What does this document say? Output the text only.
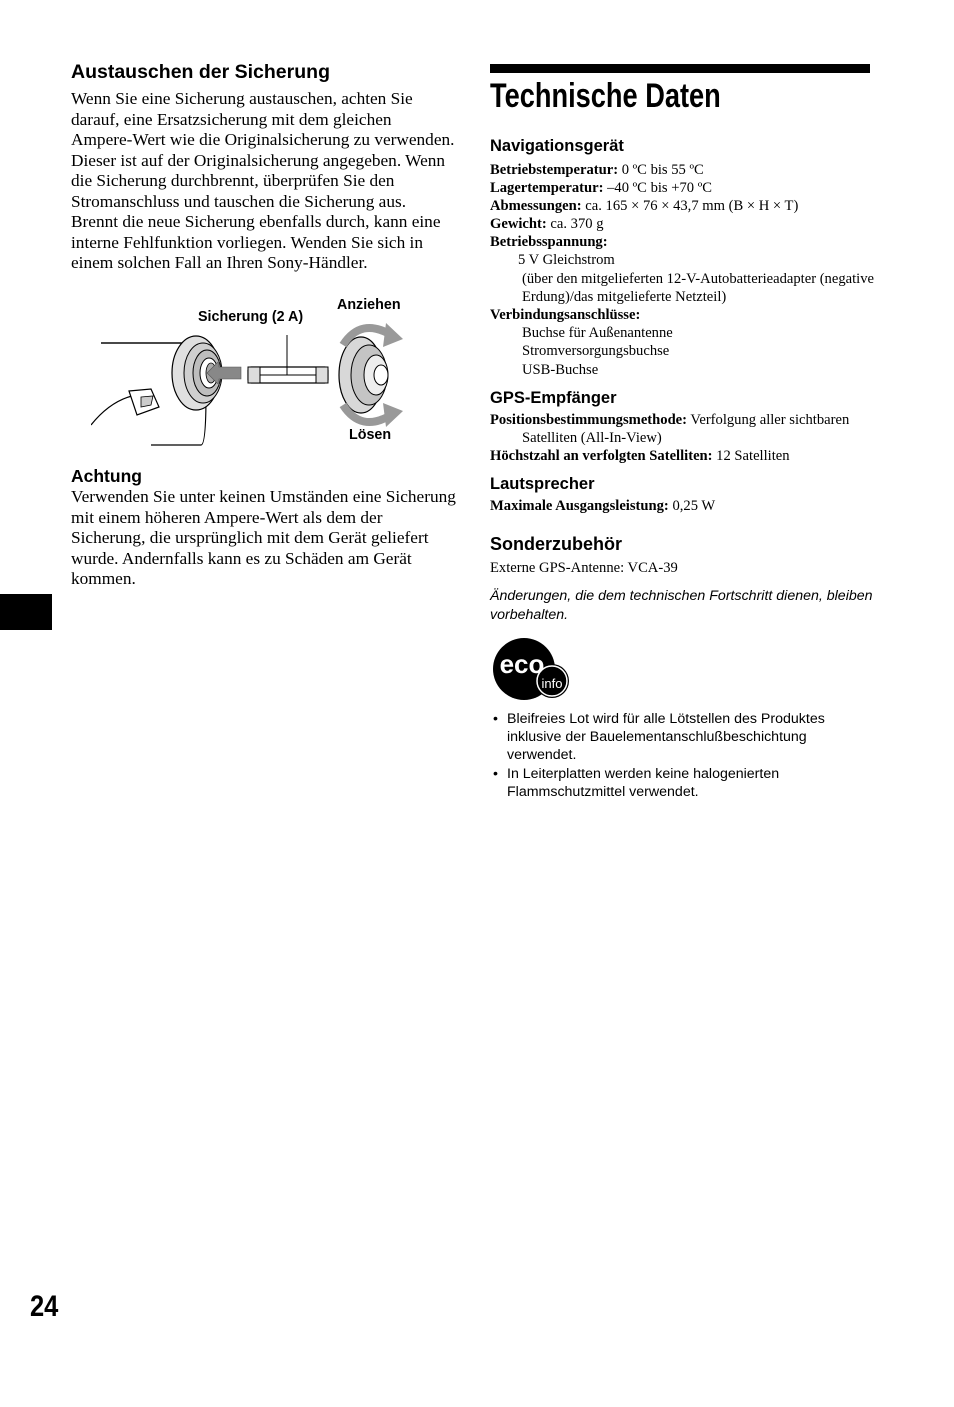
Austauschen der Sicherung

Wenn Sie eine Sicherung austauschen, achten Sie darauf, eine Ersatzsicherung mit dem gleichen Ampere-Wert wie die Originalsicherung zu verwenden. Dieser ist auf der Originalsicherung angegeben. Wenn die Sicherung durchbrennt, überprüfen Sie den Stromanschluss und tauschen die Sicherung aus. Brennt die neue Sicherung ebenfalls durch, kann eine interne Fehlfunktion vorliegen. Wenden Sie sich in einem solchen Fall an Ihren Sony-Händler.

Sicherung (2 A)
Anziehen
Lösen
Achtung

Verwenden Sie unter keinen Umständen eine Sicherung mit einem höheren Ampere-Wert als dem der Sicherung, die ursprünglich mit dem Gerät geliefert wurde. Andernfalls kann es zu Schäden am Gerät kommen.

24
Technische Daten
Navigationsgerät

Betriebstemperatur: 0 ºC bis 55 ºC

Lagertemperatur: –40 ºC bis +70 ºC

Abmessungen: ca. 165 × 76 × 43,7 mm (B × H × T)

Gewicht: ca. 370 g

Betriebsspannung:

5 V Gleichstrom

(über den mitgelieferten 12-V-Autobatterieadapter (negative Erdung)/das mitgelieferte Netzteil)

Verbindungsanschlüsse:

Buchse für Außenantenne

Stromversorgungsbuchse

USB-Buchse

GPS-Empfänger

Positionsbestimmungsmethode: Verfolgung aller sichtbaren Satelliten (All-In-View)

Höchstzahl an verfolgten Satelliten: 12 Satelliten

Lautsprecher

Maximale Ausgangsleistung: 0,25 W

Sonderzubehör

Externe GPS-Antenne: VCA-39

Änderungen, die dem technischen Fortschritt dienen, bleiben vorbehalten.

eco
info
• Bleifreies Lot wird für alle Lötstellen des Produktes inklusive der Bauelementanschlußbeschichtung verwendet.
• In Leiterplatten werden keine halogenierten Flammschutzmittel verwendet.
